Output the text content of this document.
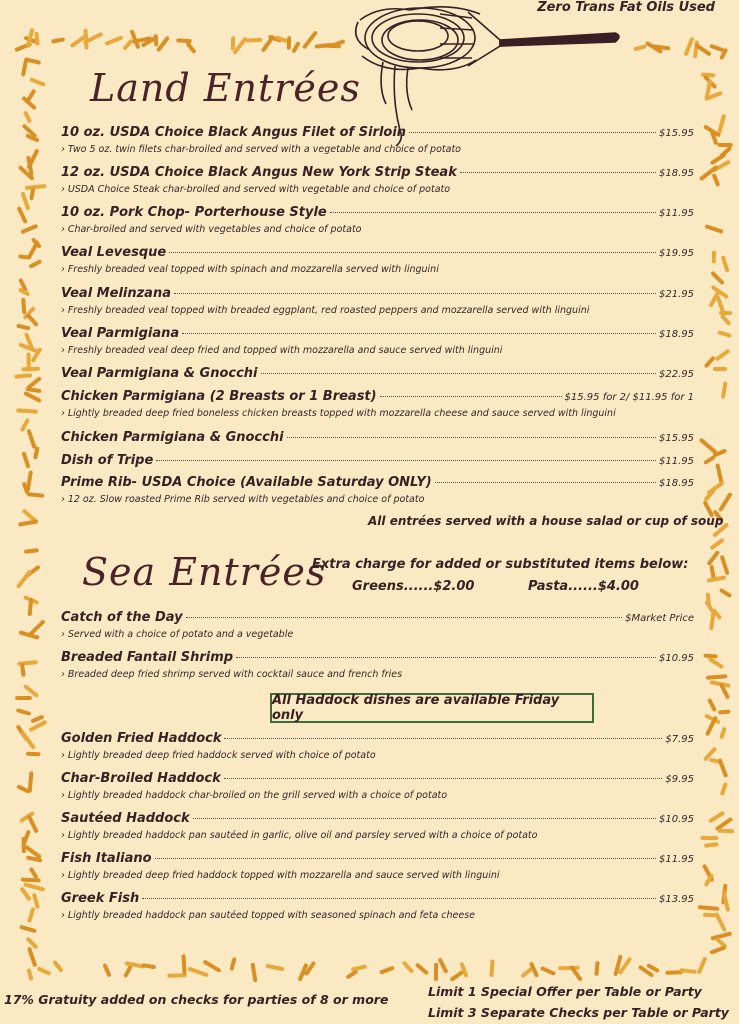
Zero Trans Fat Oils Used
Land Entrées
10 oz. USDA Choice Black Angus Filet of Sirloin	$15.95
› Two 5 oz. twin filets char-broiled and served with a vegetable and choice of potato
12 oz. USDA Choice Black Angus New York Strip Steak	$18.95
› USDA Choice Steak char-broiled and served with vegetable and choice of potato
10 oz. Pork Chop- Porterhouse Style	$11.95
› Char-broiled and served with vegetables and choice of potato
Veal Levesque	$19.95
› Freshly breaded veal topped with spinach and mozzarella served with linguini
Veal Melinzana	$21.95
› Freshly breaded veal topped with breaded eggplant, red roasted peppers and mozzarella served with linguini
Veal Parmigiana	$18.95
› Freshly breaded veal deep fried and topped with mozzarella and sauce served with linguini
Veal Parmigiana & Gnocchi	$22.95
Chicken Parmigiana (2 Breasts or 1 Breast)	$15.95 for 2/ $11.95 for 1
› Lightly breaded deep fried boneless chicken breasts topped with mozzarella cheese and sauce served with linguini
Chicken Parmigiana & Gnocchi	$15.95
Dish of Tripe	$11.95
Prime Rib- USDA Choice (Available Saturday ONLY)	$18.95
› 12 oz. Slow roasted Prime Rib served with vegetables and choice of potato
All entrées served with a house salad or cup of soup
Sea Entrées
Extra charge for added or substituted items below:
Greens......$2.00	Pasta......$4.00
Catch of the Day	$Market Price
› Served with a choice of potato and a vegetable
Breaded Fantail Shrimp	$10.95
› Breaded deep fried shrimp served with cocktail sauce and french fries
All Haddock dishes are available Friday only
Golden Fried Haddock	$7.95
› Lightly breaded deep fried haddock served with choice of potato
Char-Broiled Haddock	$9.95
› Lightly breaded haddock char-broiled on the grill served with a choice of potato
Sautéed Haddock	$10.95
› Lightly breaded haddock pan sautéed in garlic, olive oil and parsley served with a choice of potato
Fish Italiano	$11.95
› Lightly breaded deep fried haddock topped with mozzarella and sauce served with linguini
Greek Fish	$13.95
› Lightly breaded haddock pan sautéed topped with seasoned spinach and feta cheese
17% Gratuity added on checks for parties of 8 or more
Limit 1 Special Offer per Table or Party
Limit 3 Separate Checks per Table or Party
